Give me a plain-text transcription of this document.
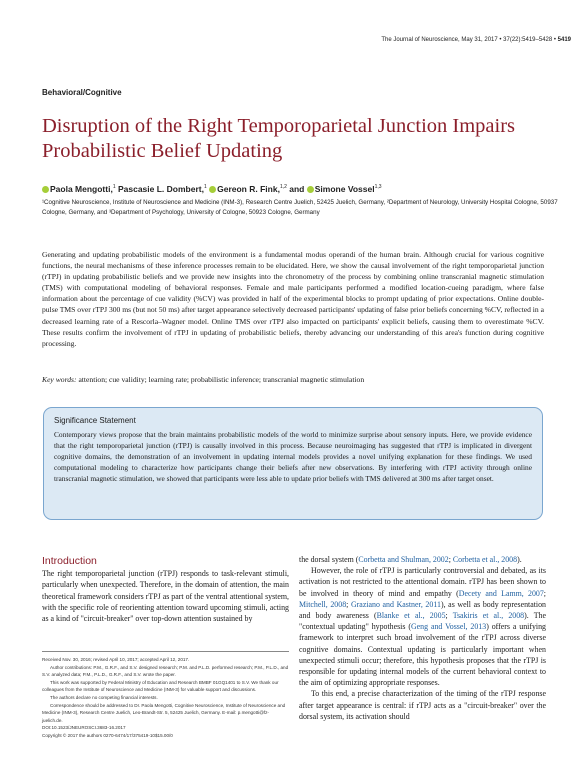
The Journal of Neuroscience, May 31, 2017 • 37(22):5419–5428 • 5419
Behavioral/Cognitive
Disruption of the Right Temporoparietal Junction Impairs Probabilistic Belief Updating
Paola Mengotti,$^1$ Pascasie L. Dombert,$^1$ Gereon R. Fink,$^{1,2}$ and Simone Vossel$^{1,3}$
¹Cognitive Neuroscience, Institute of Neuroscience and Medicine (INM-3), Research Centre Juelich, 52425 Juelich, Germany, ²Department of Neurology, University Hospital Cologne, 50937 Cologne, Germany, and ³Department of Psychology, University of Cologne, 50923 Cologne, Germany

Generating and updating probabilistic models of the environment is a fundamental modus operandi of the human brain. Although crucial for various cognitive functions, the neural mechanisms of these inference processes remain to be elucidated. Here, we show the causal involvement of the right temporoparietal junction (rTPJ) in updating probabilistic beliefs and we provide new insights into the chronometry of the process by combining online transcranial magnetic stimulation (TMS) with computational modeling of behavioral responses. Female and male participants performed a modified location-cueing paradigm, where false information about the percentage of cue validity (%CV) was provided in half of the experimental blocks to prompt updating of prior expectations. Online double-pulse TMS over rTPJ 300 ms (but not 50 ms) after target appearance selectively decreased participants' updating of false prior beliefs concerning %CV, reflected in a decreased learning rate of a Rescorla–Wagner model. Online TMS over rTPJ also impacted on participants' explicit beliefs, causing them to overestimate %CV. These results confirm the involvement of rTPJ in updating of probabilistic beliefs, thereby advancing our understanding of this area's function during cognitive processing.

Key words: attention; cue validity; learning rate; probabilistic inference; transcranial magnetic stimulation

Significance Statement

Contemporary views propose that the brain maintains probabilistic models of the world to minimize surprise about sensory inputs. Here, we provide evidence that the right temporoparietal junction (rTPJ) is causally involved in this process. Because neuroimaging has suggested that rTPJ is implicated in divergent cognitive domains, the demonstration of an involvement in updating internal models provides a novel unifying explanation for these findings. We used computational modeling to characterize how participants change their beliefs after new observations. By interfering with rTPJ activity through online transcranial magnetic stimulation, we showed that participants were less able to update prior beliefs with TMS delivered at 300 ms after target onset.

Introduction

The right temporoparietal junction (rTPJ) responds to task-relevant stimuli, particularly when unexpected. Therefore, in the domain of attention, the main theoretical framework considers rTPJ as part of the ventral attentional system, with the specific role of reorienting attention toward upcoming stimuli, acting as a kind of "circuit-breaker" over top-down attention sustained by

Received Nov. 30, 2016; revised April 10, 2017; accepted April 12, 2017.

Author contributions: P.M., G.R.F., and S.V. designed research; P.M. and P.L.D. performed research; P.M., P.L.D., and S.V. analyzed data; P.M., P.L.D., G.R.F., and S.V. wrote the paper.

This work was supported by Federal Ministry of Education and Research BMBF 01GQ1401 to S.V. We thank our colleagues from the Institute of Neuroscience and Medicine (INM-3) for valuable support and discussions.

The authors declare no competing financial interests.

Correspondence should be addressed to Dr. Paola Mengotti, Cognitive Neuroscience, Institute of Neuroscience and Medicine (INM-3), Research Centre Juelich, Leo-Brandt-Str. 5, 52425 Juelich, Germany. E-mail: p.mengotti@fz-juelich.de.

DOI:10.1523/JNEUROSCI.3683-16.2017

Copyright © 2017 the authors 0270-6474/17/375419-10$15.00/0

the dorsal system (Corbetta and Shulman, 2002; Corbetta et al., 2008).

However, the role of rTPJ is particularly controversial and debated, as its activation is not restricted to the attentional domain. rTPJ has been shown to be involved in theory of mind and empathy (Decety and Lamm, 2007; Mitchell, 2008; Graziano and Kastner, 2011), as well as body representation and body awareness (Blanke et al., 2005; Tsakiris et al., 2008). The "contextual updating" hypothesis (Geng and Vossel, 2013) offers a unifying framework to interpret such broad involvement of the rTPJ across diverse cognitive domains. Contextual updating is particularly important when unexpected stimuli occur; therefore, this hypothesis proposes that the rTPJ is responsible for updating internal models of the current behavioral context to the aim of optimizing appropriate responses.

To this end, a precise characterization of the timing of the rTPJ response after target appearance is central: if rTPJ acts as a "circuit-breaker" over the dorsal system, its activation should
